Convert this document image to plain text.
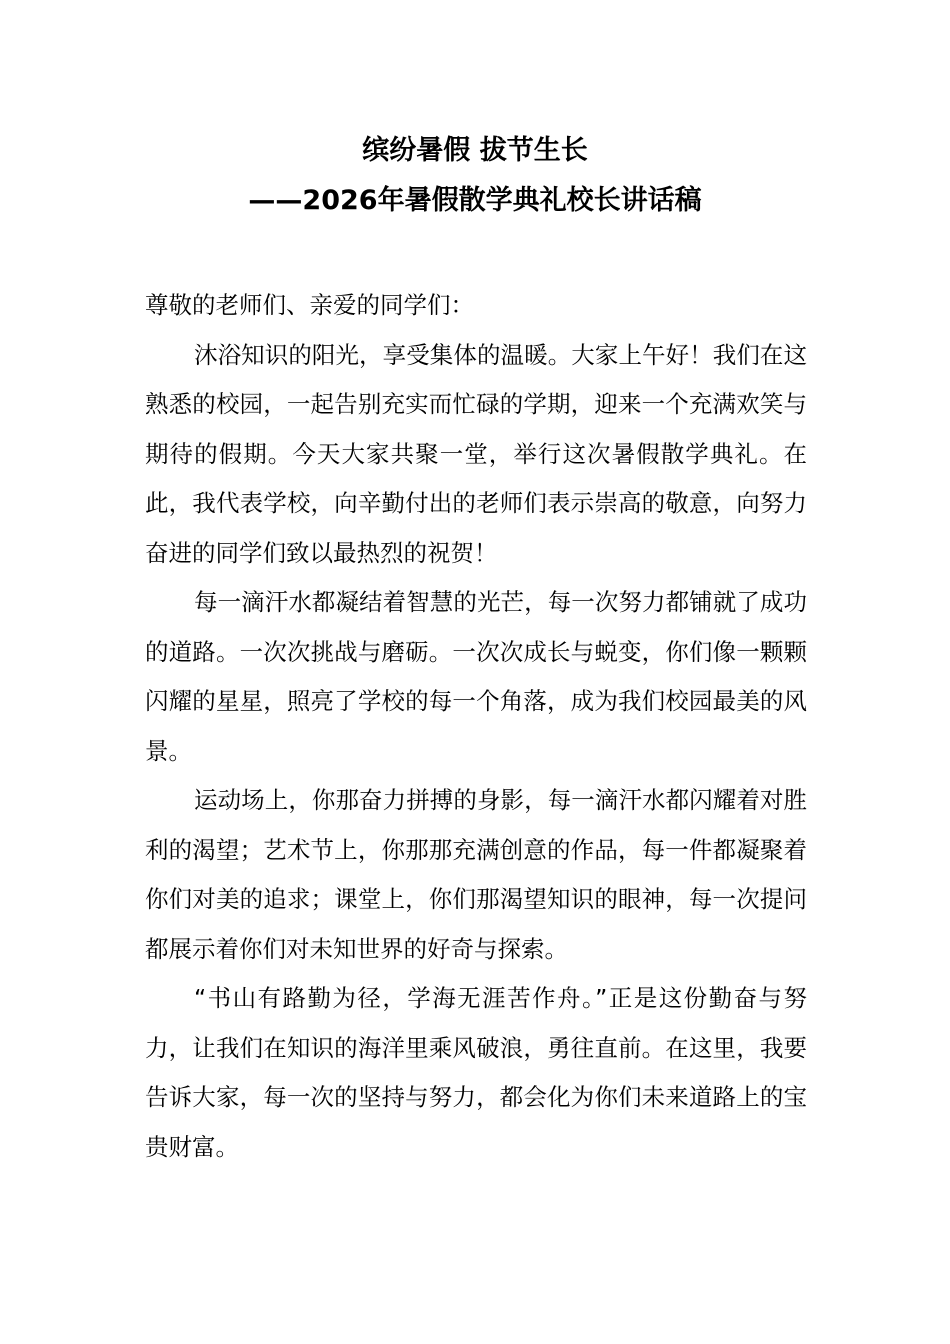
缤纷暑假 拔节生长
——2026年暑假散学典礼校长讲话稿

尊敬的老师们、亲爱的同学们：

沐浴知识的阳光，享受集体的温暖。大家上午好！我们在这熟悉的校园，一起告别充实而忙碌的学期，迎来一个充满欢笑与期待的假期。今天大家共聚一堂，举行这次暑假散学典礼。在此，我代表学校，向辛勤付出的老师们表示崇高的敬意，向努力奋进的同学们致以最热烈的祝贺！

每一滴汗水都凝结着智慧的光芒，每一次努力都铺就了成功的道路。一次次挑战与磨砺。一次次成长与蜕变，你们像一颗颗闪耀的星星，照亮了学校的每一个角落，成为我们校园最美的风景。

运动场上，你那奋力拼搏的身影，每一滴汗水都闪耀着对胜利的渴望；艺术节上，你那那充满创意的作品，每一件都凝聚着你们对美的追求；课堂上，你们那渴望知识的眼神，每一次提问都展示着你们对未知世界的好奇与探索。

“书山有路勤为径，学海无涯苦作舟。”正是这份勤奋与努力，让我们在知识的海洋里乘风破浪，勇往直前。在这里，我要告诉大家，每一次的坚持与努力，都会化为你们未来道路上的宝贵财富。
